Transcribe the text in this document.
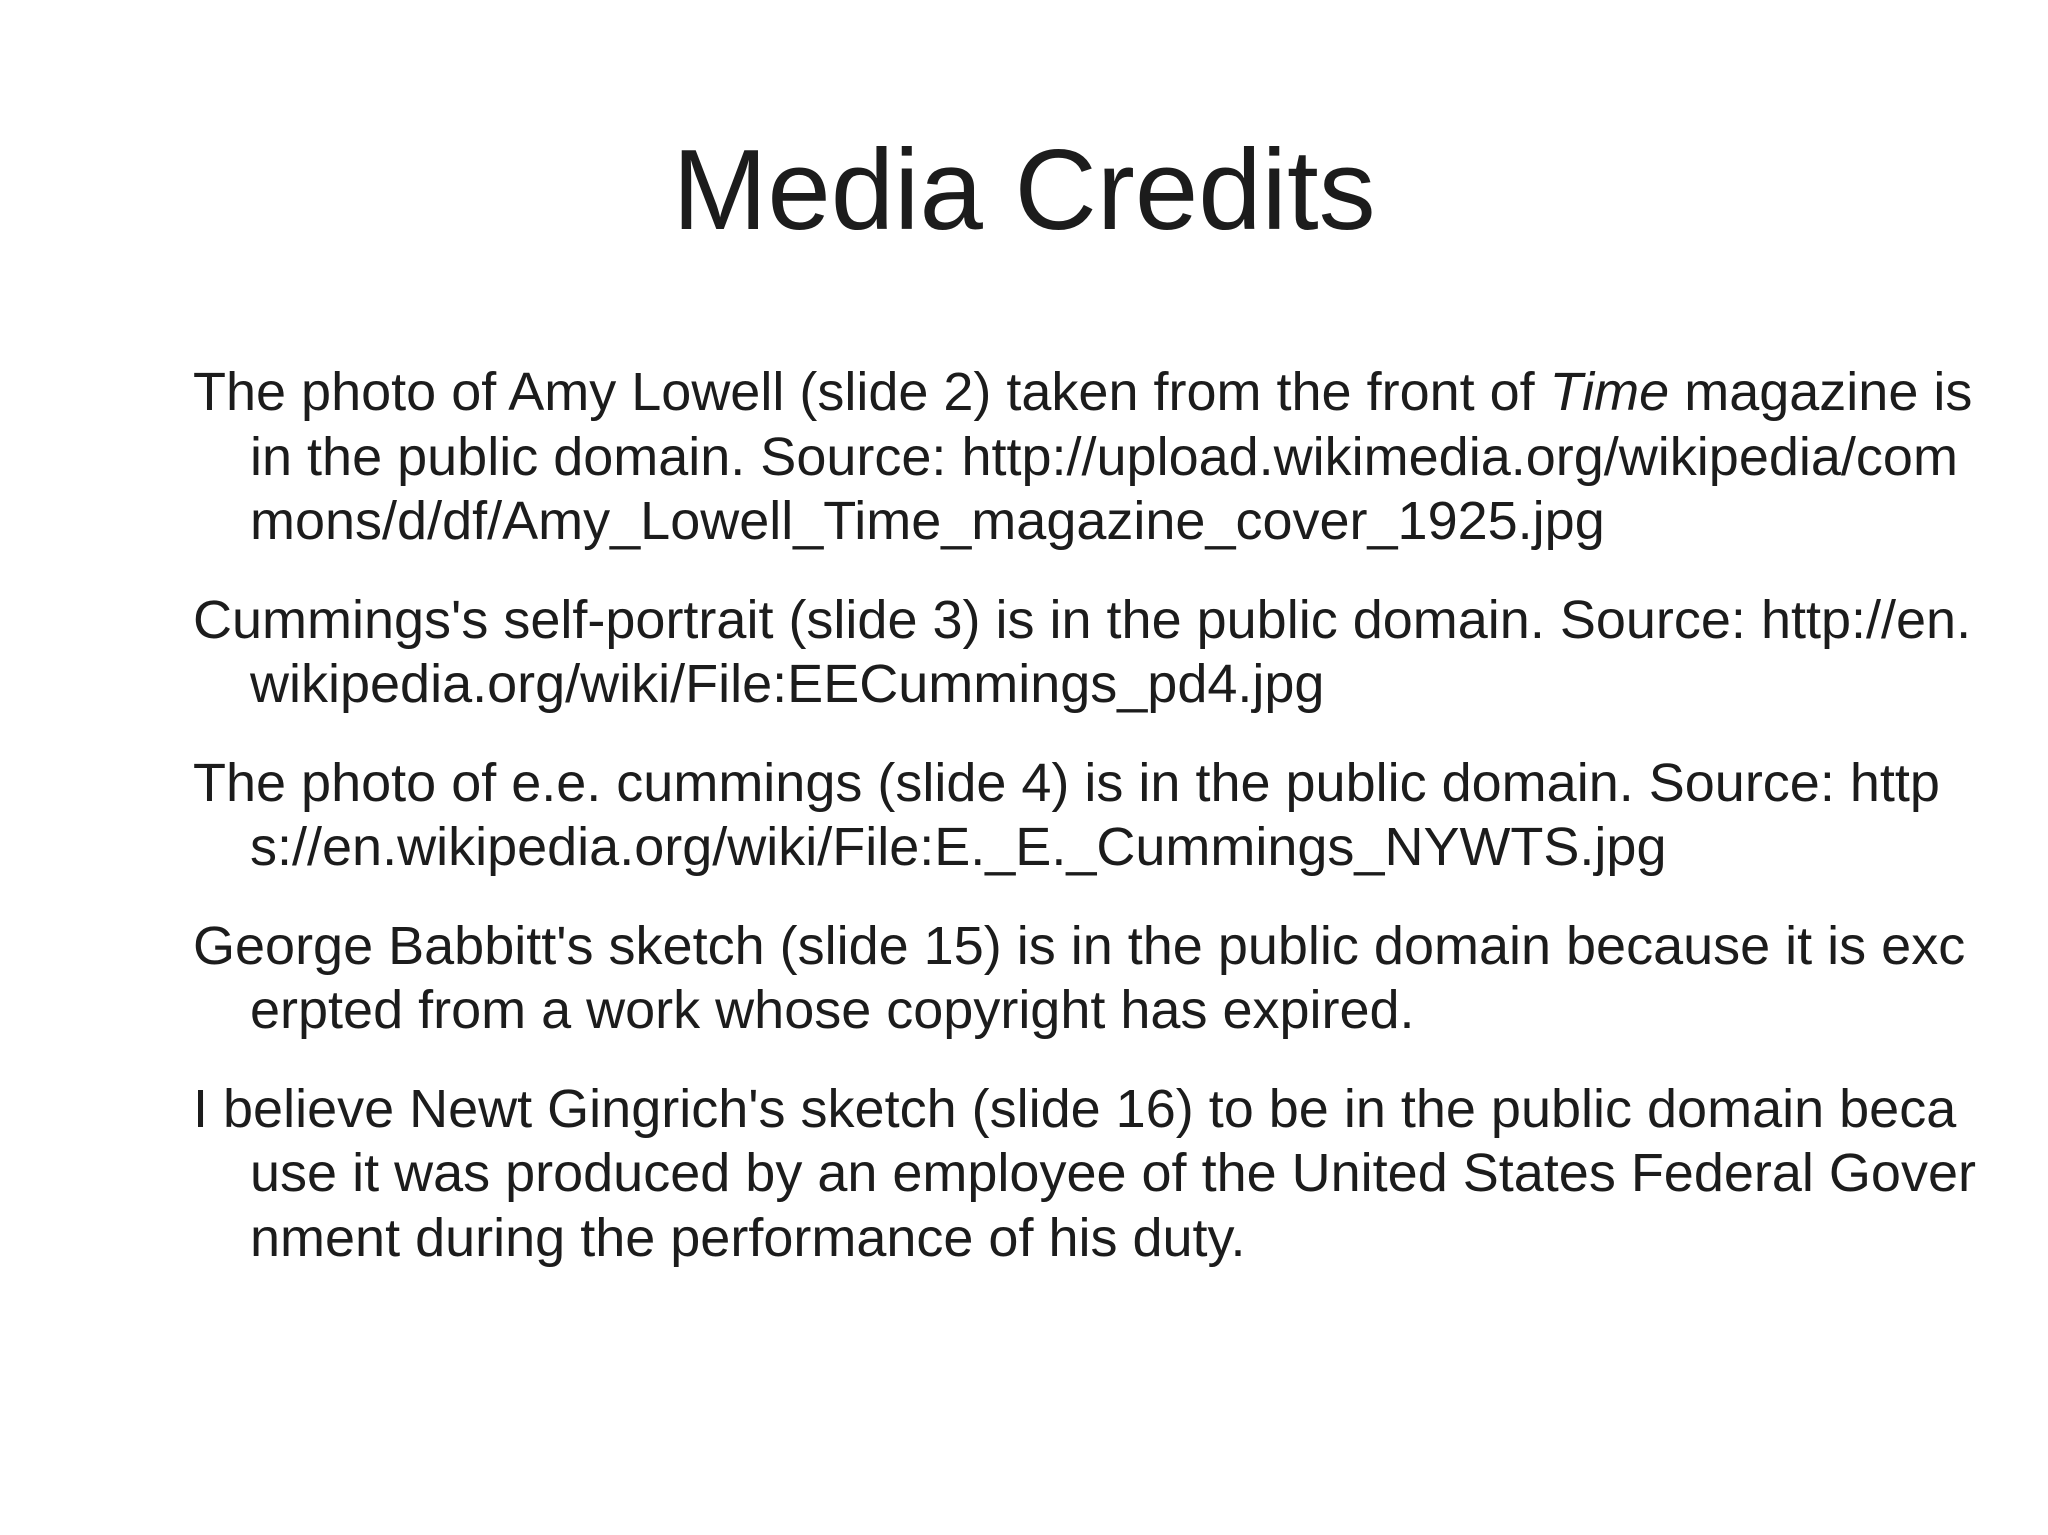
Media Credits
The photo of Amy Lowell (slide 2) taken from the front of Time magazine is in the public domain. Source: http://upload.wikimedia.org/wikipedia/commons/d/df/Amy_Lowell_Time_magazine_cover_1925.jpg
Cummings's self-portrait (slide 3) is in the public domain. Source: http://en.wikipedia.org/wiki/File:EECummings_pd4.jpg
The photo of e.e. cummings (slide 4) is in the public domain. Source: https://en.wikipedia.org/wiki/File:E._E._Cummings_NYWTS.jpg
George Babbitt's sketch (slide 15) is in the public domain because it is excerpted from a work whose copyright has expired.
I believe Newt Gingrich's sketch (slide 16) to be in the public domain because it was produced by an employee of the United States Federal Government during the performance of his duty.
